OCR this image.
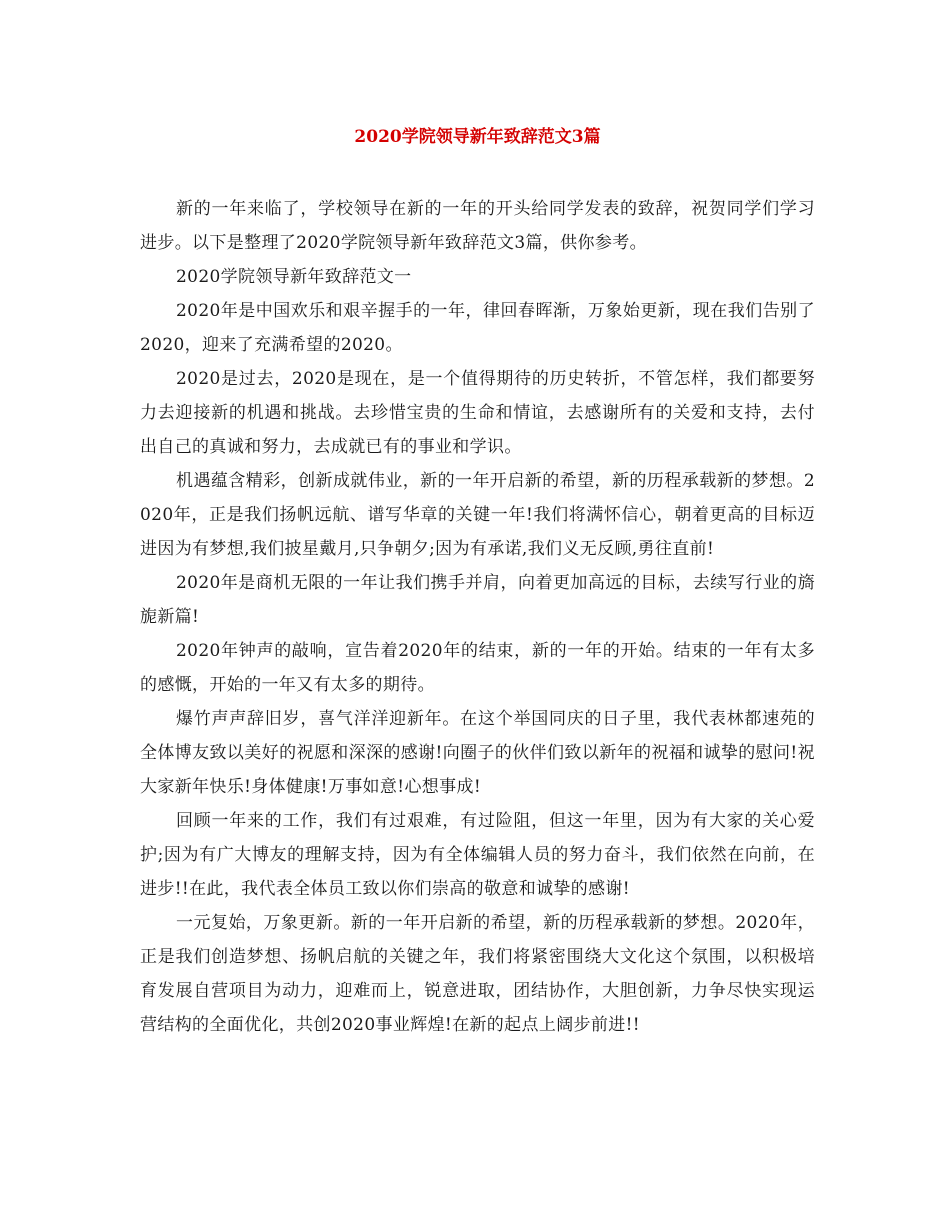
2020学院领导新年致辞范文3篇

新的一年来临了，学校领导在新的一年的开头给同学发表的致辞，祝贺同学们学习进步。以下是整理了2020学院领导新年致辞范文3篇，供你参考。

2020学院领导新年致辞范文一

2020年是中国欢乐和艰辛握手的一年，律回春晖渐，万象始更新，现在我们告别了2020，迎来了充满希望的2020。

2020是过去，2020是现在，是一个值得期待的历史转折，不管怎样，我们都要努力去迎接新的机遇和挑战。去珍惜宝贵的生命和情谊，去感谢所有的关爱和支持，去付出自己的真诚和努力，去成就已有的事业和学识。

机遇蕴含精彩，创新成就伟业，新的一年开启新的希望，新的历程承载新的梦想。2020年，正是我们扬帆远航、谱写华章的关键一年!我们将满怀信心，朝着更高的目标迈进因为有梦想,我们披星戴月,只争朝夕;因为有承诺,我们义无反顾,勇往直前!

2020年是商机无限的一年让我们携手并肩，向着更加高远的目标，去续写行业的旖旎新篇!

2020年钟声的敲响，宣告着2020年的结束，新的一年的开始。结束的一年有太多的感慨，开始的一年又有太多的期待。

爆竹声声辞旧岁，喜气洋洋迎新年。在这个举国同庆的日子里，我代表林都速苑的全体博友致以美好的祝愿和深深的感谢!向圈子的伙伴们致以新年的祝福和诚挚的慰问!祝大家新年快乐!身体健康!万事如意!心想事成!

回顾一年来的工作，我们有过艰难，有过险阻，但这一年里，因为有大家的关心爱护;因为有广大博友的理解支持，因为有全体编辑人员的努力奋斗，我们依然在向前，在进步!!在此，我代表全体员工致以你们崇高的敬意和诚挚的感谢!

一元复始，万象更新。新的一年开启新的希望，新的历程承载新的梦想。2020年，正是我们创造梦想、扬帆启航的关键之年，我们将紧密围绕大文化这个氛围，以积极培育发展自营项目为动力，迎难而上，锐意进取，团结协作，大胆创新，力争尽快实现运营结构的全面优化，共创2020事业辉煌!在新的起点上阔步前进!!
